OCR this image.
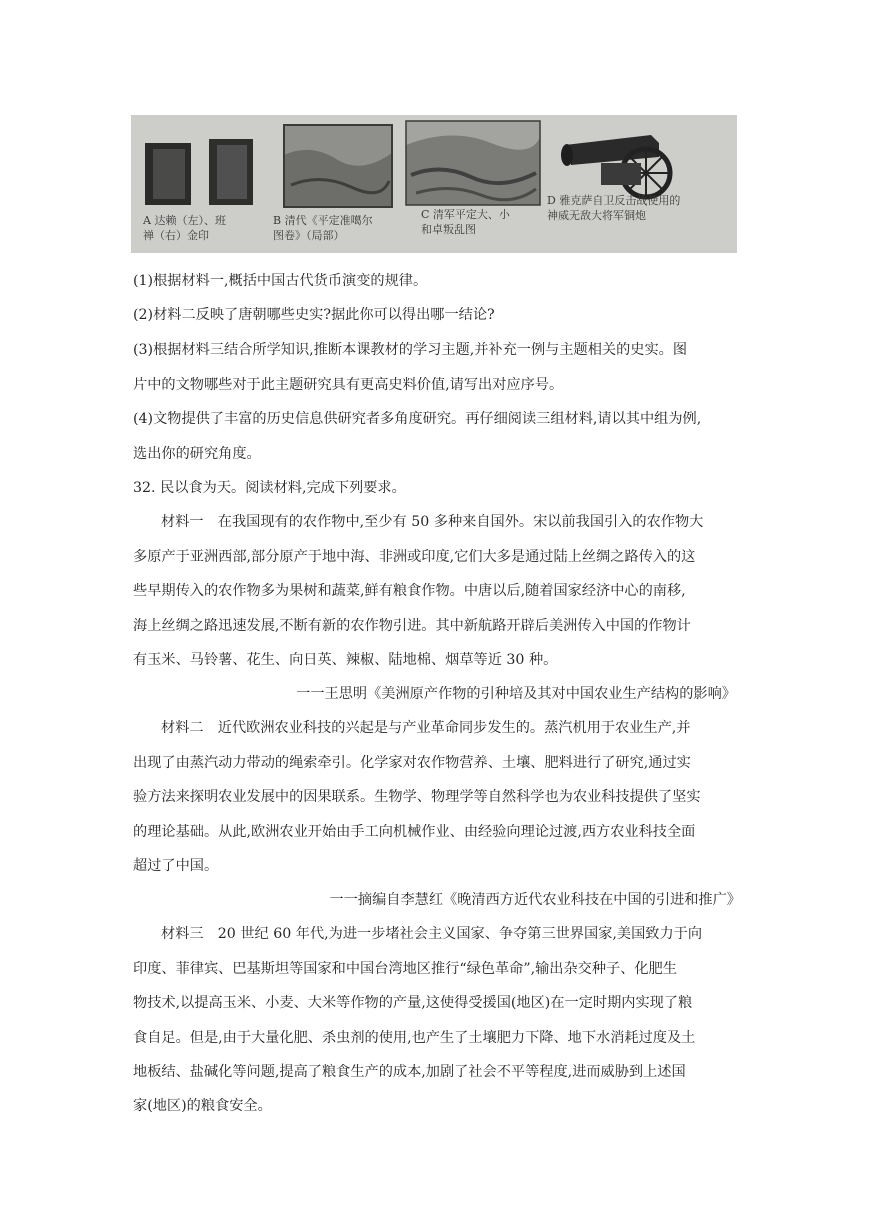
A 达赖（左）、班
禅（右）金印
B 清代《平定准噶尔
图卷》（局部）
C 清军平定大、小
和卓叛乱图
D 雅克萨自卫反击战使用的
神威无敌大将军铜炮
(1)根据材料一,概括中国古代货币演变的规律。
(2)材料二反映了唐朝哪些史实?据此你可以得出哪一结论?
(3)根据材料三结合所学知识,推断本课教材的学习主题,并补充一例与主题相关的史实。图
片中的文物哪些对于此主题研究具有更高史料价值,请写出对应序号。
(4)文物提供了丰富的历史信息供研究者多角度研究。再仔细阅读三组材料,请以其中组为例,
选出你的研究角度。
32. 民以食为天。阅读材料,完成下列要求。
材料一　在我国现有的农作物中,至少有 50 多种来自国外。宋以前我国引入的农作物大
多原产于亚洲西部,部分原产于地中海、非洲或印度,它们大多是通过陆上丝绸之路传入的这
些早期传入的农作物多为果树和蔬菜,鲜有粮食作物。中唐以后,随着国家经济中心的南移,
海上丝绸之路迅速发展,不断有新的农作物引进。其中新航路开辟后美洲传入中国的作物计
有玉米、马铃薯、花生、向日英、辣椒、陆地棉、烟草等近 30 种。
一一王思明《美洲原产作物的引种培及其对中国农业生产结构的影响》
材料二　近代欧洲农业科技的兴起是与产业革命同步发生的。蒸汽机用于农业生产,并
出现了由蒸汽动力带动的绳索牵引。化学家对农作物营养、土壤、肥料进行了研究,通过实
验方法来探明农业发展中的因果联系。生物学、物理学等自然科学也为农业科技提供了坚实
的理论基础。从此,欧洲农业开始由手工向机械作业、由经验向理论过渡,西方农业科技全面
超过了中国。
一一摘编自李慧红《晚清西方近代农业科技在中国的引进和推广》
材料三　20 世纪 60 年代,为进一步堵社会主义国家、争夺第三世界国家,美国致力于向
印度、菲律宾、巴基斯坦等国家和中国台湾地区推行“绿色革命”,输出杂交种子、化肥生
物技术,以提高玉米、小麦、大米等作物的产量,这使得受援国(地区)在一定时期内实现了粮
食自足。但是,由于大量化肥、杀虫剂的使用,也产生了土壤肥力下降、地下水消耗过度及土
地板结、盐碱化等问题,提高了粮食生产的成本,加剧了社会不平等程度,进而威胁到上述国
家(地区)的粮食安全。
